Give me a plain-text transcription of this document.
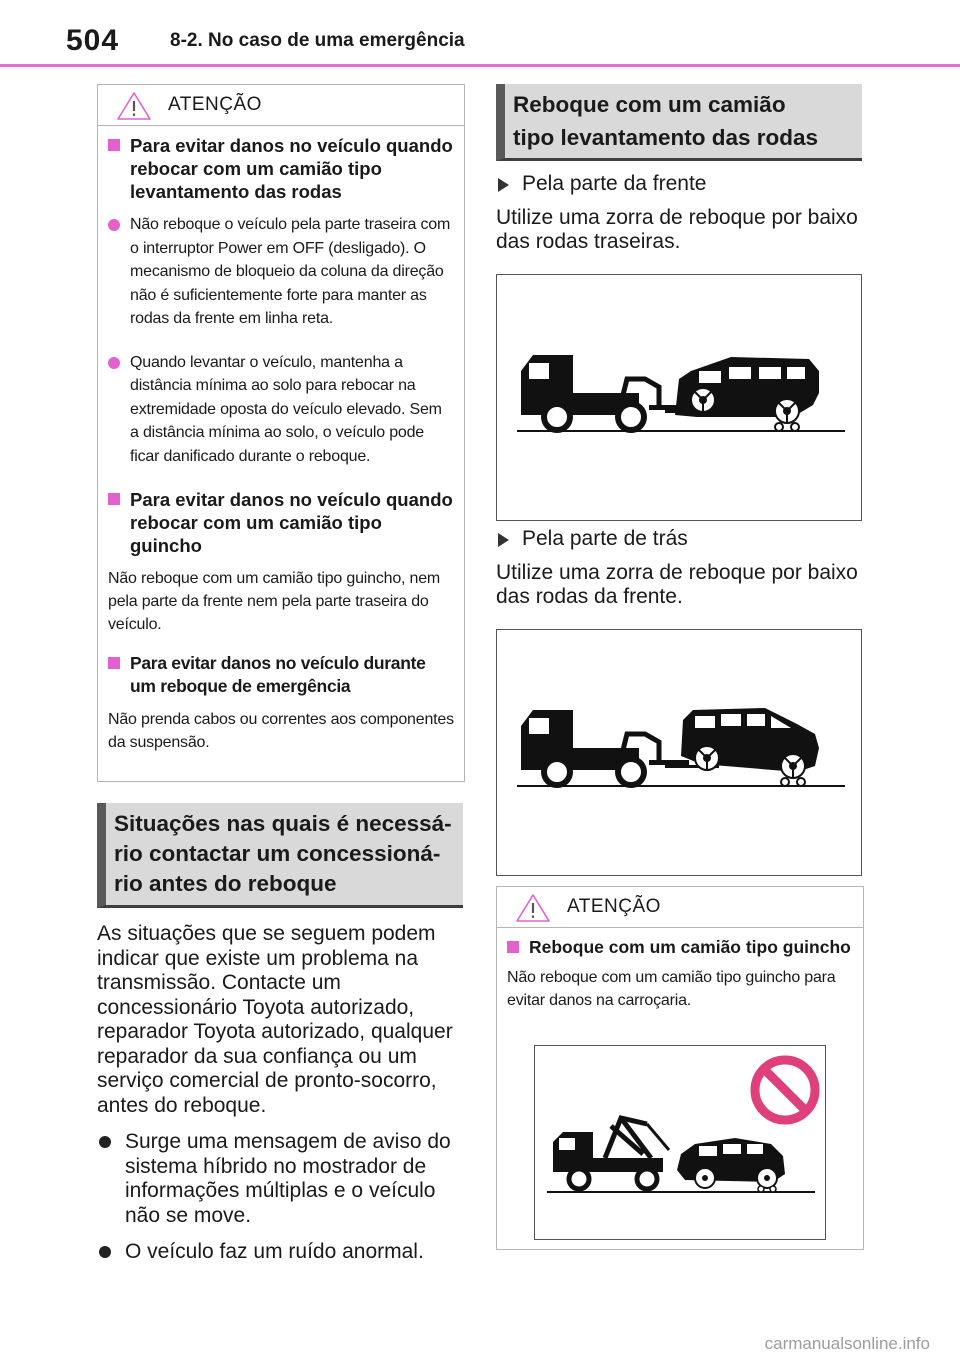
504	8-2. No caso de uma emergência
ATENÇÃO
Para evitar danos no veículo quando rebocar com um camião tipo levantamento das rodas
Não reboque o veículo pela parte traseira com o interruptor Power em OFF (desligado). O mecanismo de bloqueio da coluna da direção não é suficientemente forte para manter as rodas da frente em linha reta.
Quando levantar o veículo, mantenha a distância mínima ao solo para rebocar na extremidade oposta do veículo elevado. Sem a distância mínima ao solo, o veículo pode ficar danificado durante o reboque.
Para evitar danos no veículo quando rebocar com um camião tipo guincho
Não reboque com um camião tipo guincho, nem pela parte da frente nem pela parte traseira do veículo.
Para evitar danos no veículo durante um reboque de emergência
Não prenda cabos ou correntes aos componentes da suspensão.
Situações nas quais é necessá-
rio contactar um concessioná-
rio antes do reboque
As situações que se seguem podem indicar que existe um problema na transmissão. Contacte um concessionário Toyota autorizado, reparador Toyota autorizado, qualquer reparador da sua confiança ou um serviço comercial de pronto-socorro, antes do reboque.
Surge uma mensagem de aviso do sistema híbrido no mostrador de informações múltiplas e o veículo não se move.
O veículo faz um ruído anormal.
Reboque com um camião
tipo levantamento das rodas
Pela parte da frente
Utilize uma zorra de reboque por baixo das rodas traseiras.
Pela parte de trás
Utilize uma zorra de reboque por baixo das rodas da frente.
ATENÇÃO
Reboque com um camião tipo guincho
Não reboque com um camião tipo guincho para evitar danos na carroçaria.
carmanualsonline.info
